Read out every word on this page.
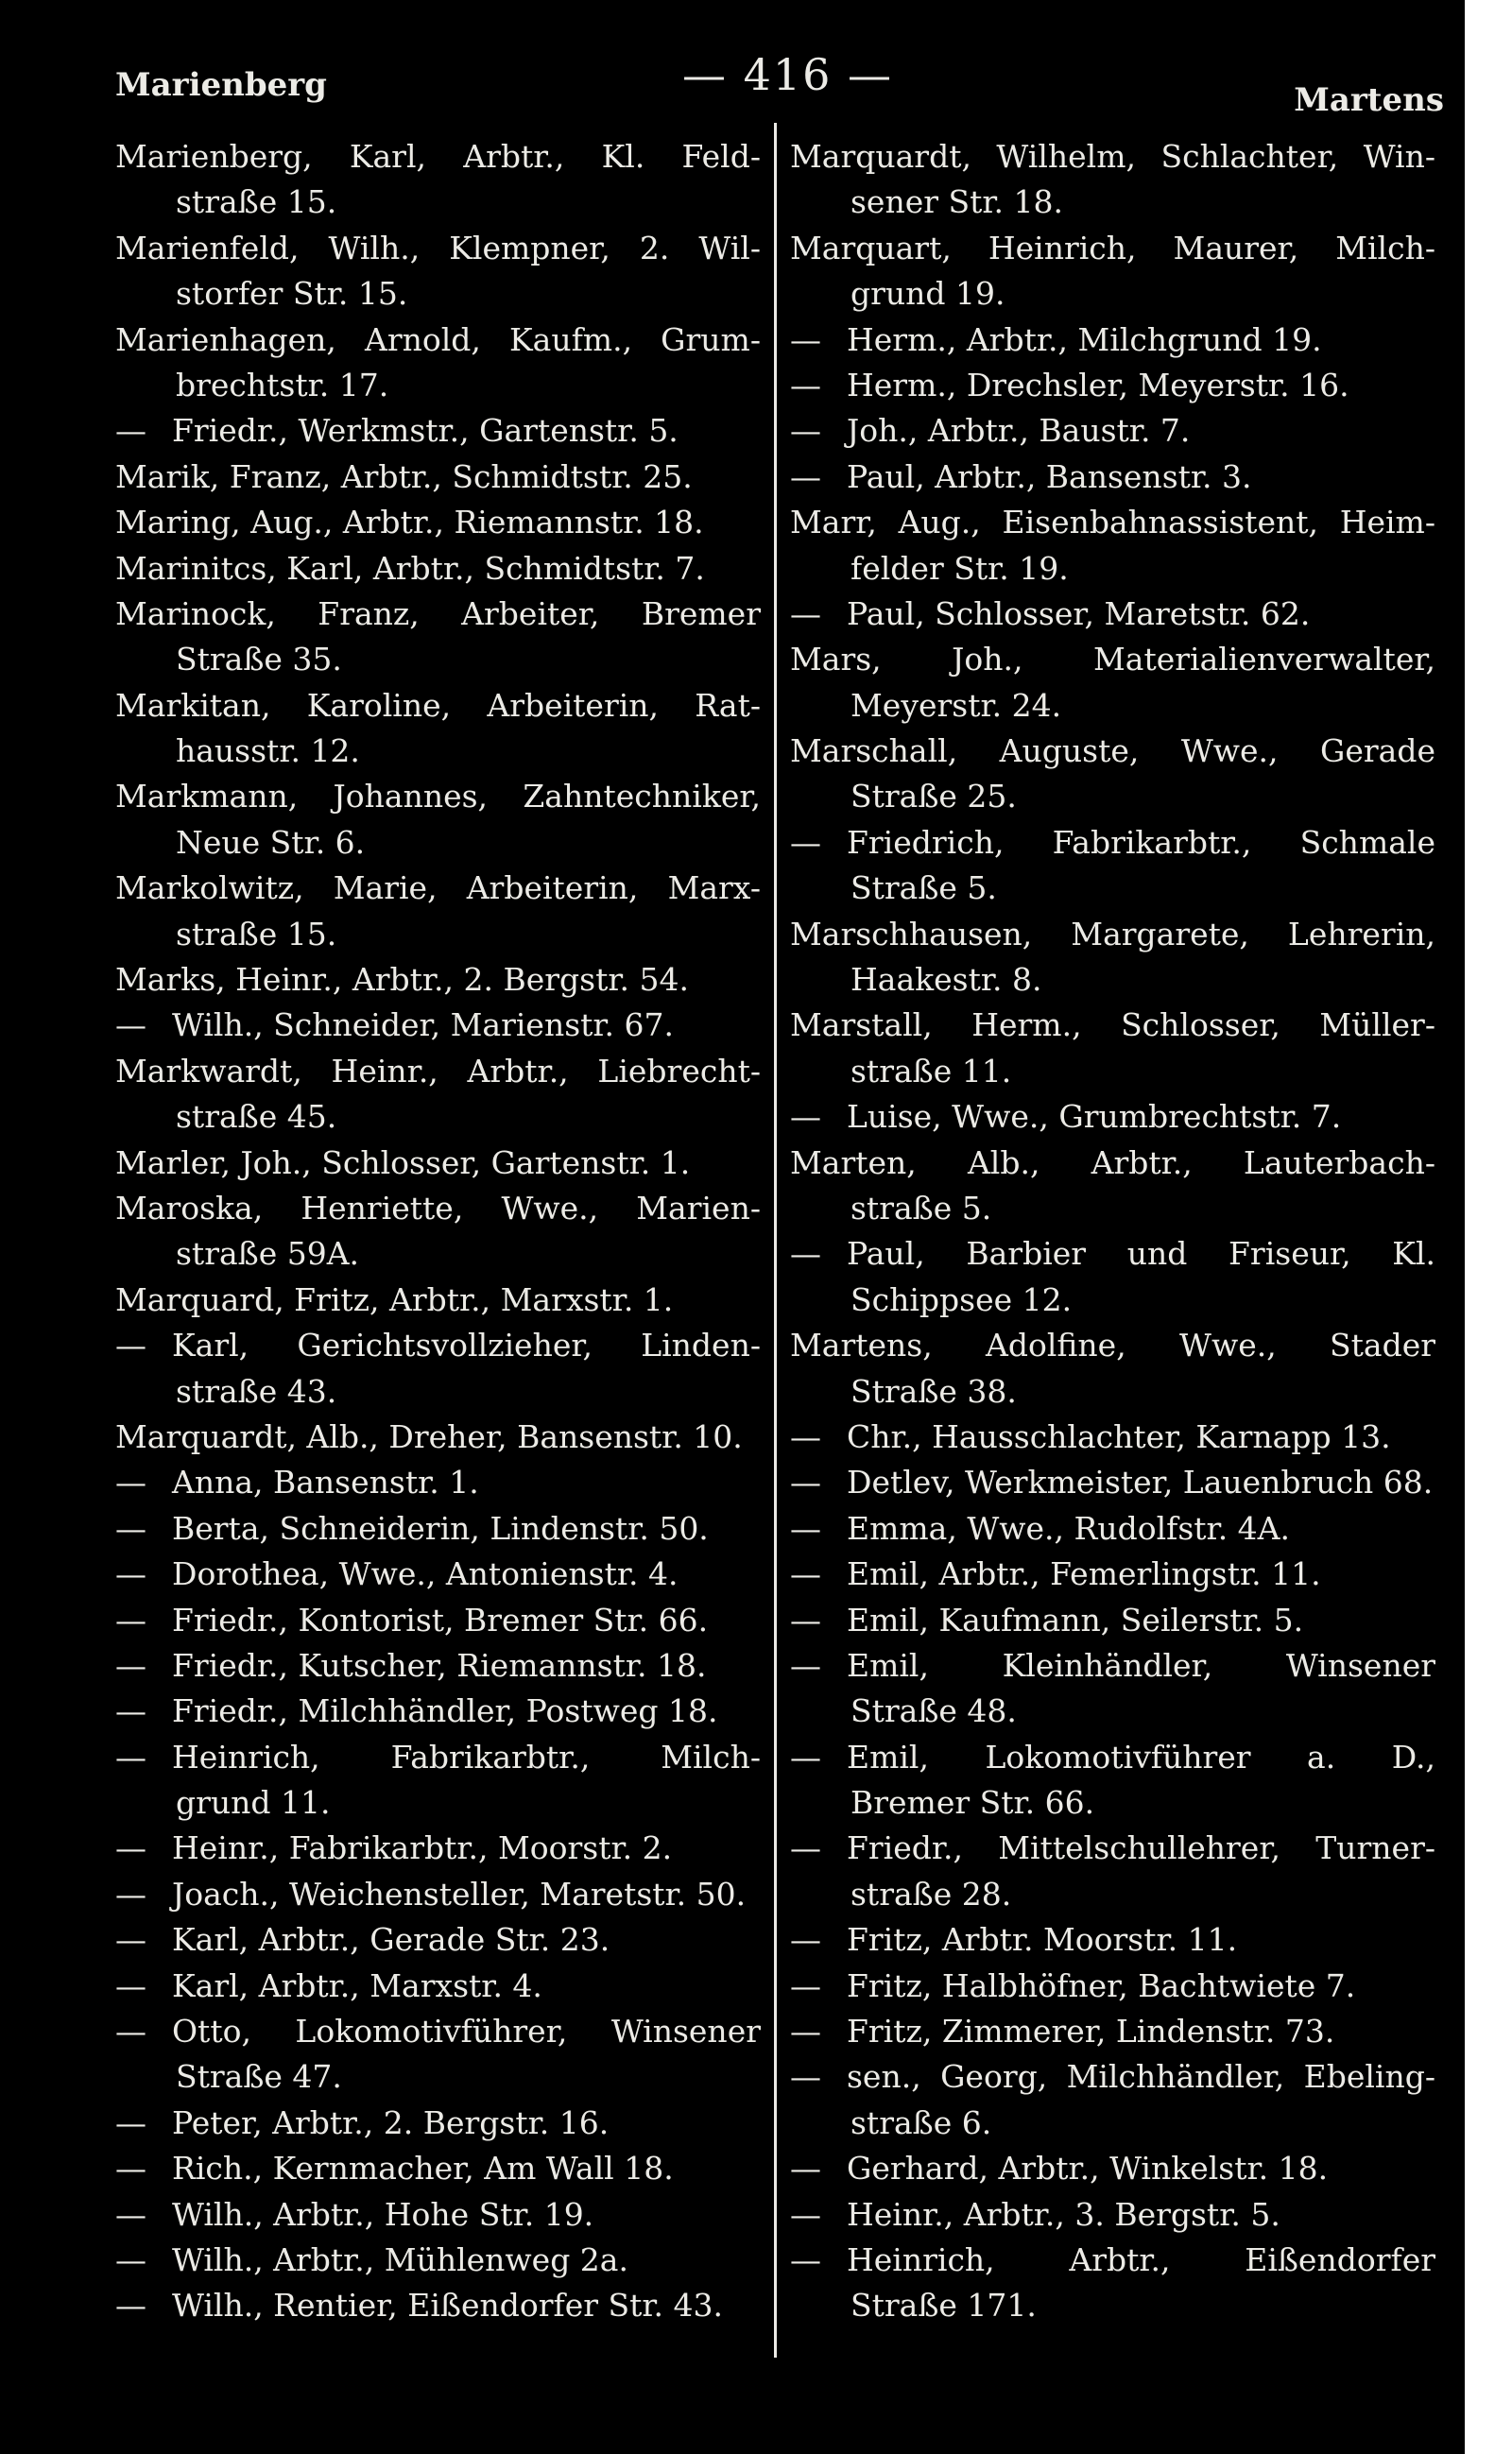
Marienberg	— 416 —	Martens
Marienberg, Karl, Arbtr., Kl. Feld-
straße 15.
Marienfeld, Wilh., Klempner, 2. Wil-
storfer Str. 15.
Marienhagen, Arnold, Kaufm., Grum-
brechtstr. 17.
— Friedr., Werkmstr., Gartenstr. 5.
Marik, Franz, Arbtr., Schmidtstr. 25.
Maring, Aug., Arbtr., Riemannstr. 18.
Marinitcs, Karl, Arbtr., Schmidtstr. 7.
Marinock, Franz, Arbeiter, Bremer
Straße 35.
Markitan, Karoline, Arbeiterin, Rat-
hausstr. 12.
Markmann, Johannes, Zahntechniker,
Neue Str. 6.
Markolwitz, Marie, Arbeiterin, Marx-
straße 15.
Marks, Heinr., Arbtr., 2. Bergstr. 54.
— Wilh., Schneider, Marienstr. 67.
Markwardt, Heinr., Arbtr., Liebrecht-
straße 45.
Marler, Joh., Schlosser, Gartenstr. 1.
Maroska, Henriette, Wwe., Marien-
straße 59A.
Marquard, Fritz, Arbtr., Marxstr. 1.
— Karl, Gerichtsvollzieher, Linden-
straße 43.
Marquardt, Alb., Dreher, Bansenstr. 10.
— Anna, Bansenstr. 1.
— Berta, Schneiderin, Lindenstr. 50.
— Dorothea, Wwe., Antonienstr. 4.
— Friedr., Kontorist, Bremer Str. 66.
— Friedr., Kutscher, Riemannstr. 18.
— Friedr., Milchhändler, Postweg 18.
— Heinrich, Fabrikarbtr., Milch-
grund 11.
— Heinr., Fabrikarbtr., Moorstr. 2.
— Joach., Weichensteller, Maretstr. 50.
— Karl, Arbtr., Gerade Str. 23.
— Karl, Arbtr., Marxstr. 4.
— Otto, Lokomotivführer, Winsener
Straße 47.
— Peter, Arbtr., 2. Bergstr. 16.
— Rich., Kernmacher, Am Wall 18.
— Wilh., Arbtr., Hohe Str. 19.
— Wilh., Arbtr., Mühlenweg 2a.
— Wilh., Rentier, Eißendorfer Str. 43.
Marquardt, Wilhelm, Schlachter, Win-
sener Str. 18.
Marquart, Heinrich, Maurer, Milch-
grund 19.
— Herm., Arbtr., Milchgrund 19.
— Herm., Drechsler, Meyerstr. 16.
— Joh., Arbtr., Baustr. 7.
— Paul, Arbtr., Bansenstr. 3.
Marr, Aug., Eisenbahnassistent, Heim-
felder Str. 19.
— Paul, Schlosser, Maretstr. 62.
Mars, Joh., Materialienverwalter,
Meyerstr. 24.
Marschall, Auguste, Wwe., Gerade
Straße 25.
— Friedrich, Fabrikarbtr., Schmale
Straße 5.
Marschhausen, Margarete, Lehrerin,
Haakestr. 8.
Marstall, Herm., Schlosser, Müller-
straße 11.
— Luise, Wwe., Grumbrechtstr. 7.
Marten, Alb., Arbtr., Lauterbach-
straße 5.
— Paul, Barbier und Friseur, Kl.
Schippsee 12.
Martens, Adolfine, Wwe., Stader
Straße 38.
— Chr., Hausschlachter, Karnapp 13.
— Detlev, Werkmeister, Lauenbruch 68.
— Emma, Wwe., Rudolfstr. 4A.
— Emil, Arbtr., Femerlingstr. 11.
— Emil, Kaufmann, Seilerstr. 5.
— Emil, Kleinhändler, Winsener
Straße 48.
— Emil, Lokomotivführer a. D.,
Bremer Str. 66.
— Friedr., Mittelschullehrer, Turner-
straße 28.
— Fritz, Arbtr. Moorstr. 11.
— Fritz, Halbhöfner, Bachtwiete 7.
— Fritz, Zimmerer, Lindenstr. 73.
— sen., Georg, Milchhändler, Ebeling-
straße 6.
— Gerhard, Arbtr., Winkelstr. 18.
— Heinr., Arbtr., 3. Bergstr. 5.
— Heinrich, Arbtr., Eißendorfer
Straße 171.
